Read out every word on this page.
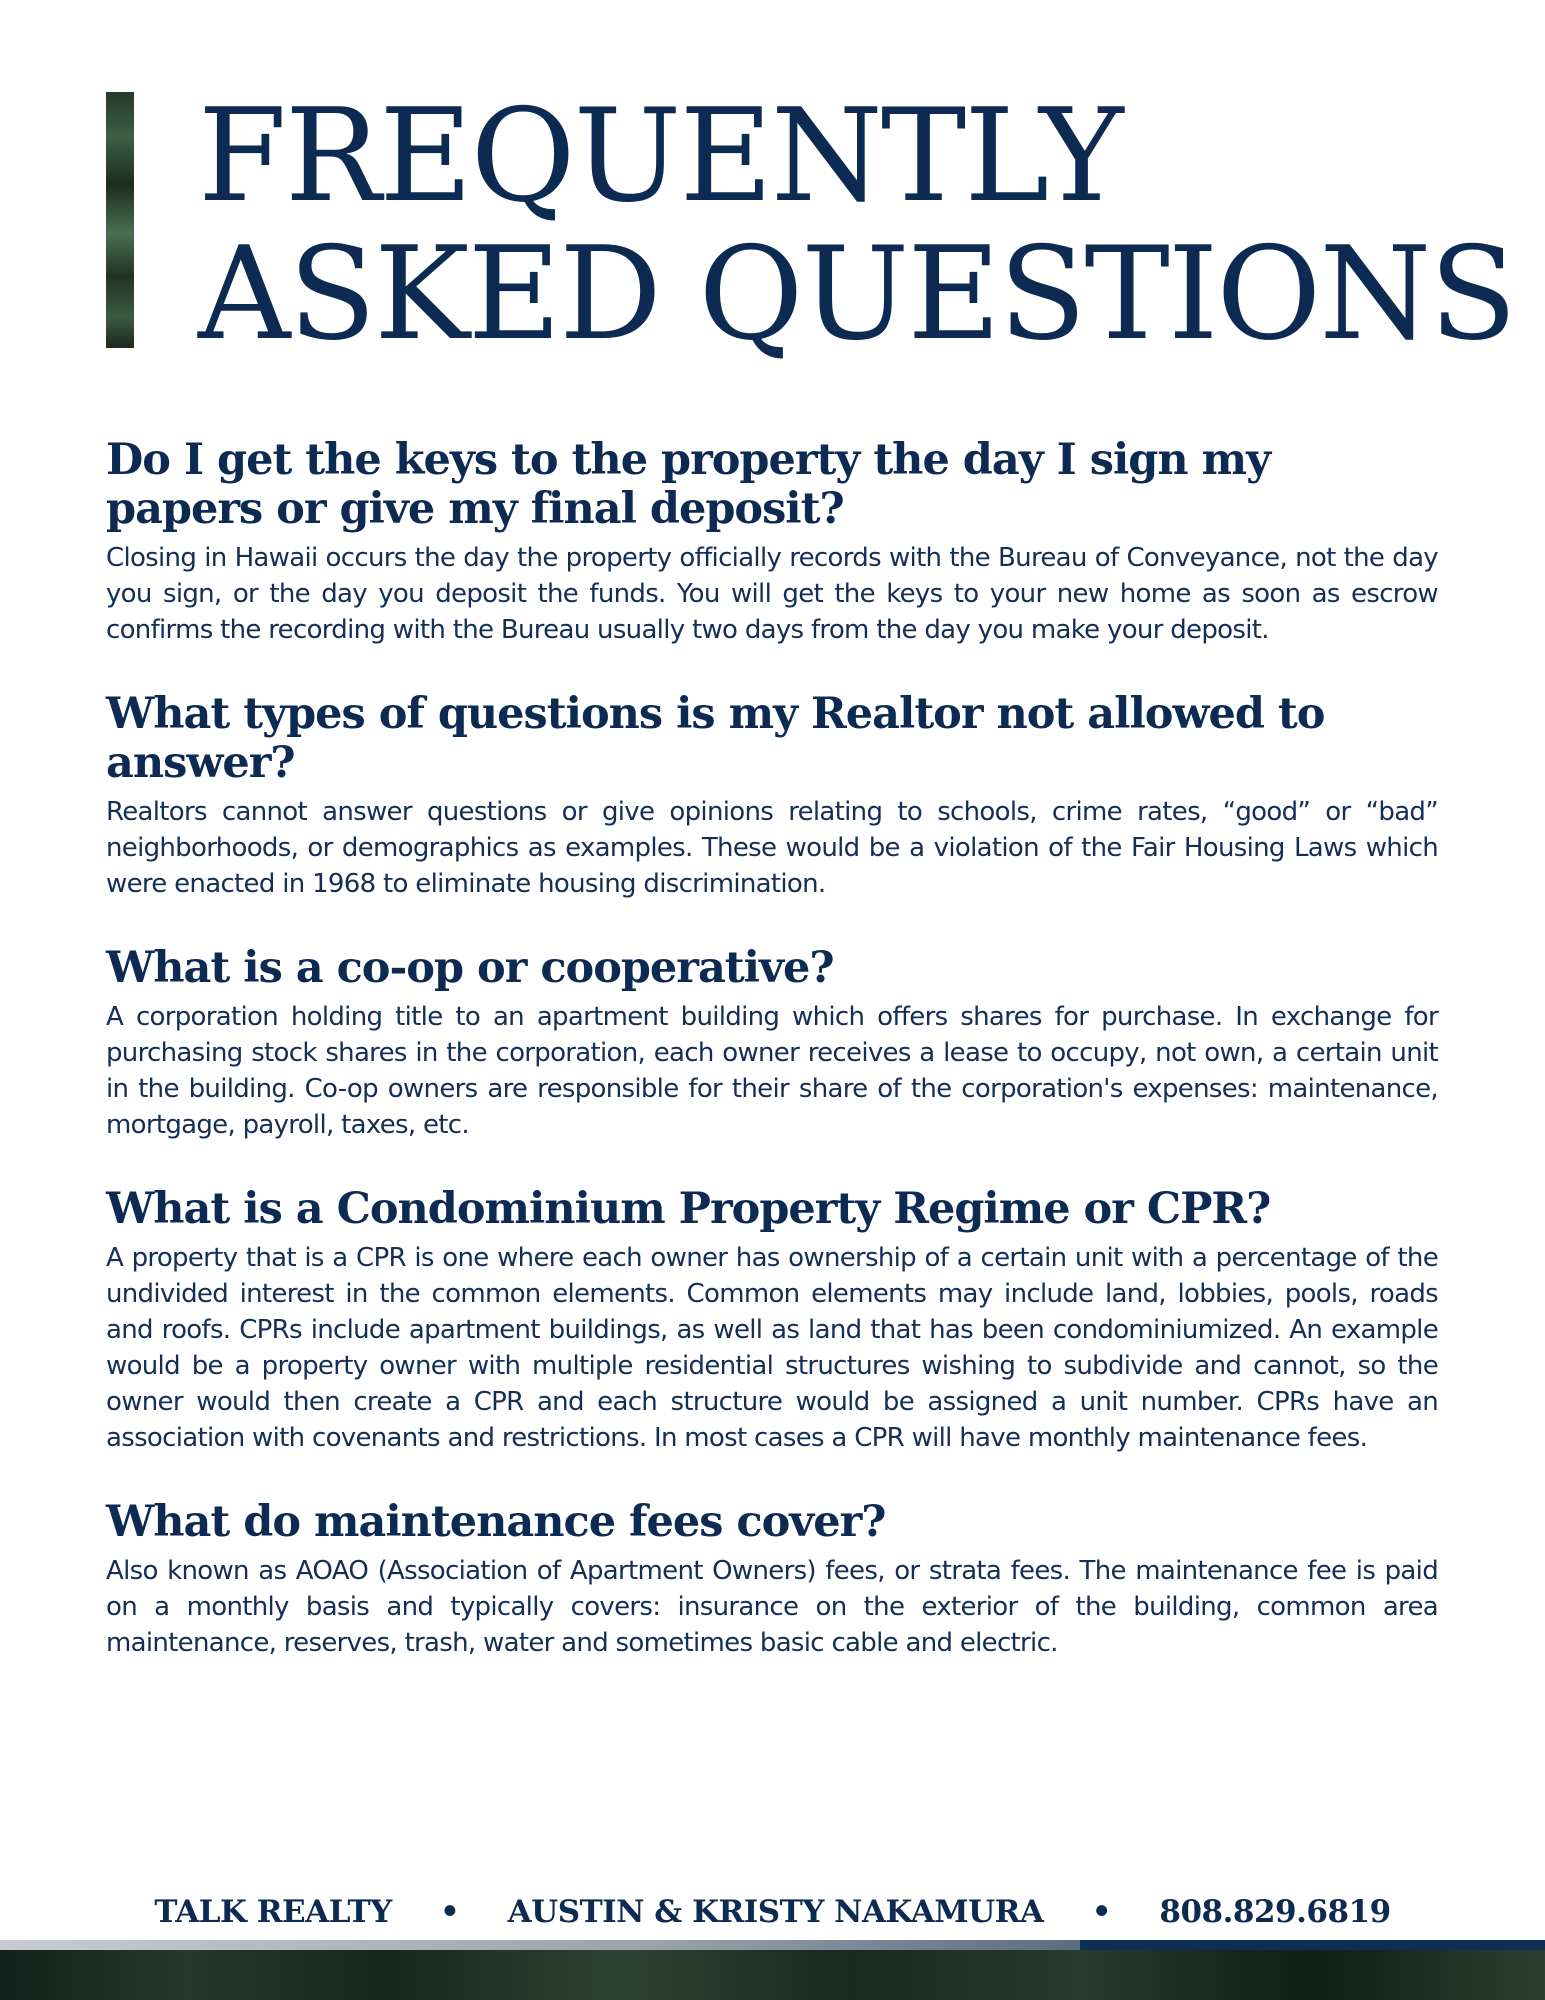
FREQUENTLY
ASKED QUESTIONS
Do I get the keys to the property the day I sign my papers or give my final deposit?

Closing in Hawaii occurs the day the property officially records with the Bureau of Conveyance, not the day you sign, or the day you deposit the funds. You will get the keys to your new home as soon as escrow confirms the recording with the Bureau usually two days from the day you make your deposit.

What types of questions is my Realtor not allowed to answer?

Realtors cannot answer questions or give opinions relating to schools, crime rates, “good” or “bad” neighborhoods, or demographics as examples. These would be a violation of the Fair Housing Laws which were enacted in 1968 to eliminate housing discrimination.

What is a co-op or cooperative?

A corporation holding title to an apartment building which offers shares for purchase. In exchange for purchasing stock shares in the corporation, each owner receives a lease to occupy, not own, a certain unit in the building. Co-op owners are responsible for their share of the corporation's expenses: maintenance, mortgage, payroll, taxes, etc.

What is a Condominium Property Regime or CPR?

A property that is a CPR is one where each owner has ownership of a certain unit with a percentage of the undivided interest in the common elements. Common elements may include land, lobbies, pools, roads and roofs. CPRs include apartment buildings, as well as land that has been condominiumized. An example would be a property owner with multiple residential structures wishing to subdivide and cannot, so the owner would then create a CPR and each structure would be assigned a unit number. CPRs have an association with covenants and restrictions. In most cases a CPR will have monthly maintenance fees.

What do maintenance fees cover?

Also known as AOAO (Association of Apartment Owners) fees, or strata fees. The maintenance fee is paid on a monthly basis and typically covers: insurance on the exterior of the building, common area maintenance, reserves, trash, water and sometimes basic cable and electric.

TALK REALTY • AUSTIN & KRISTY NAKAMURA • 808.829.6819
